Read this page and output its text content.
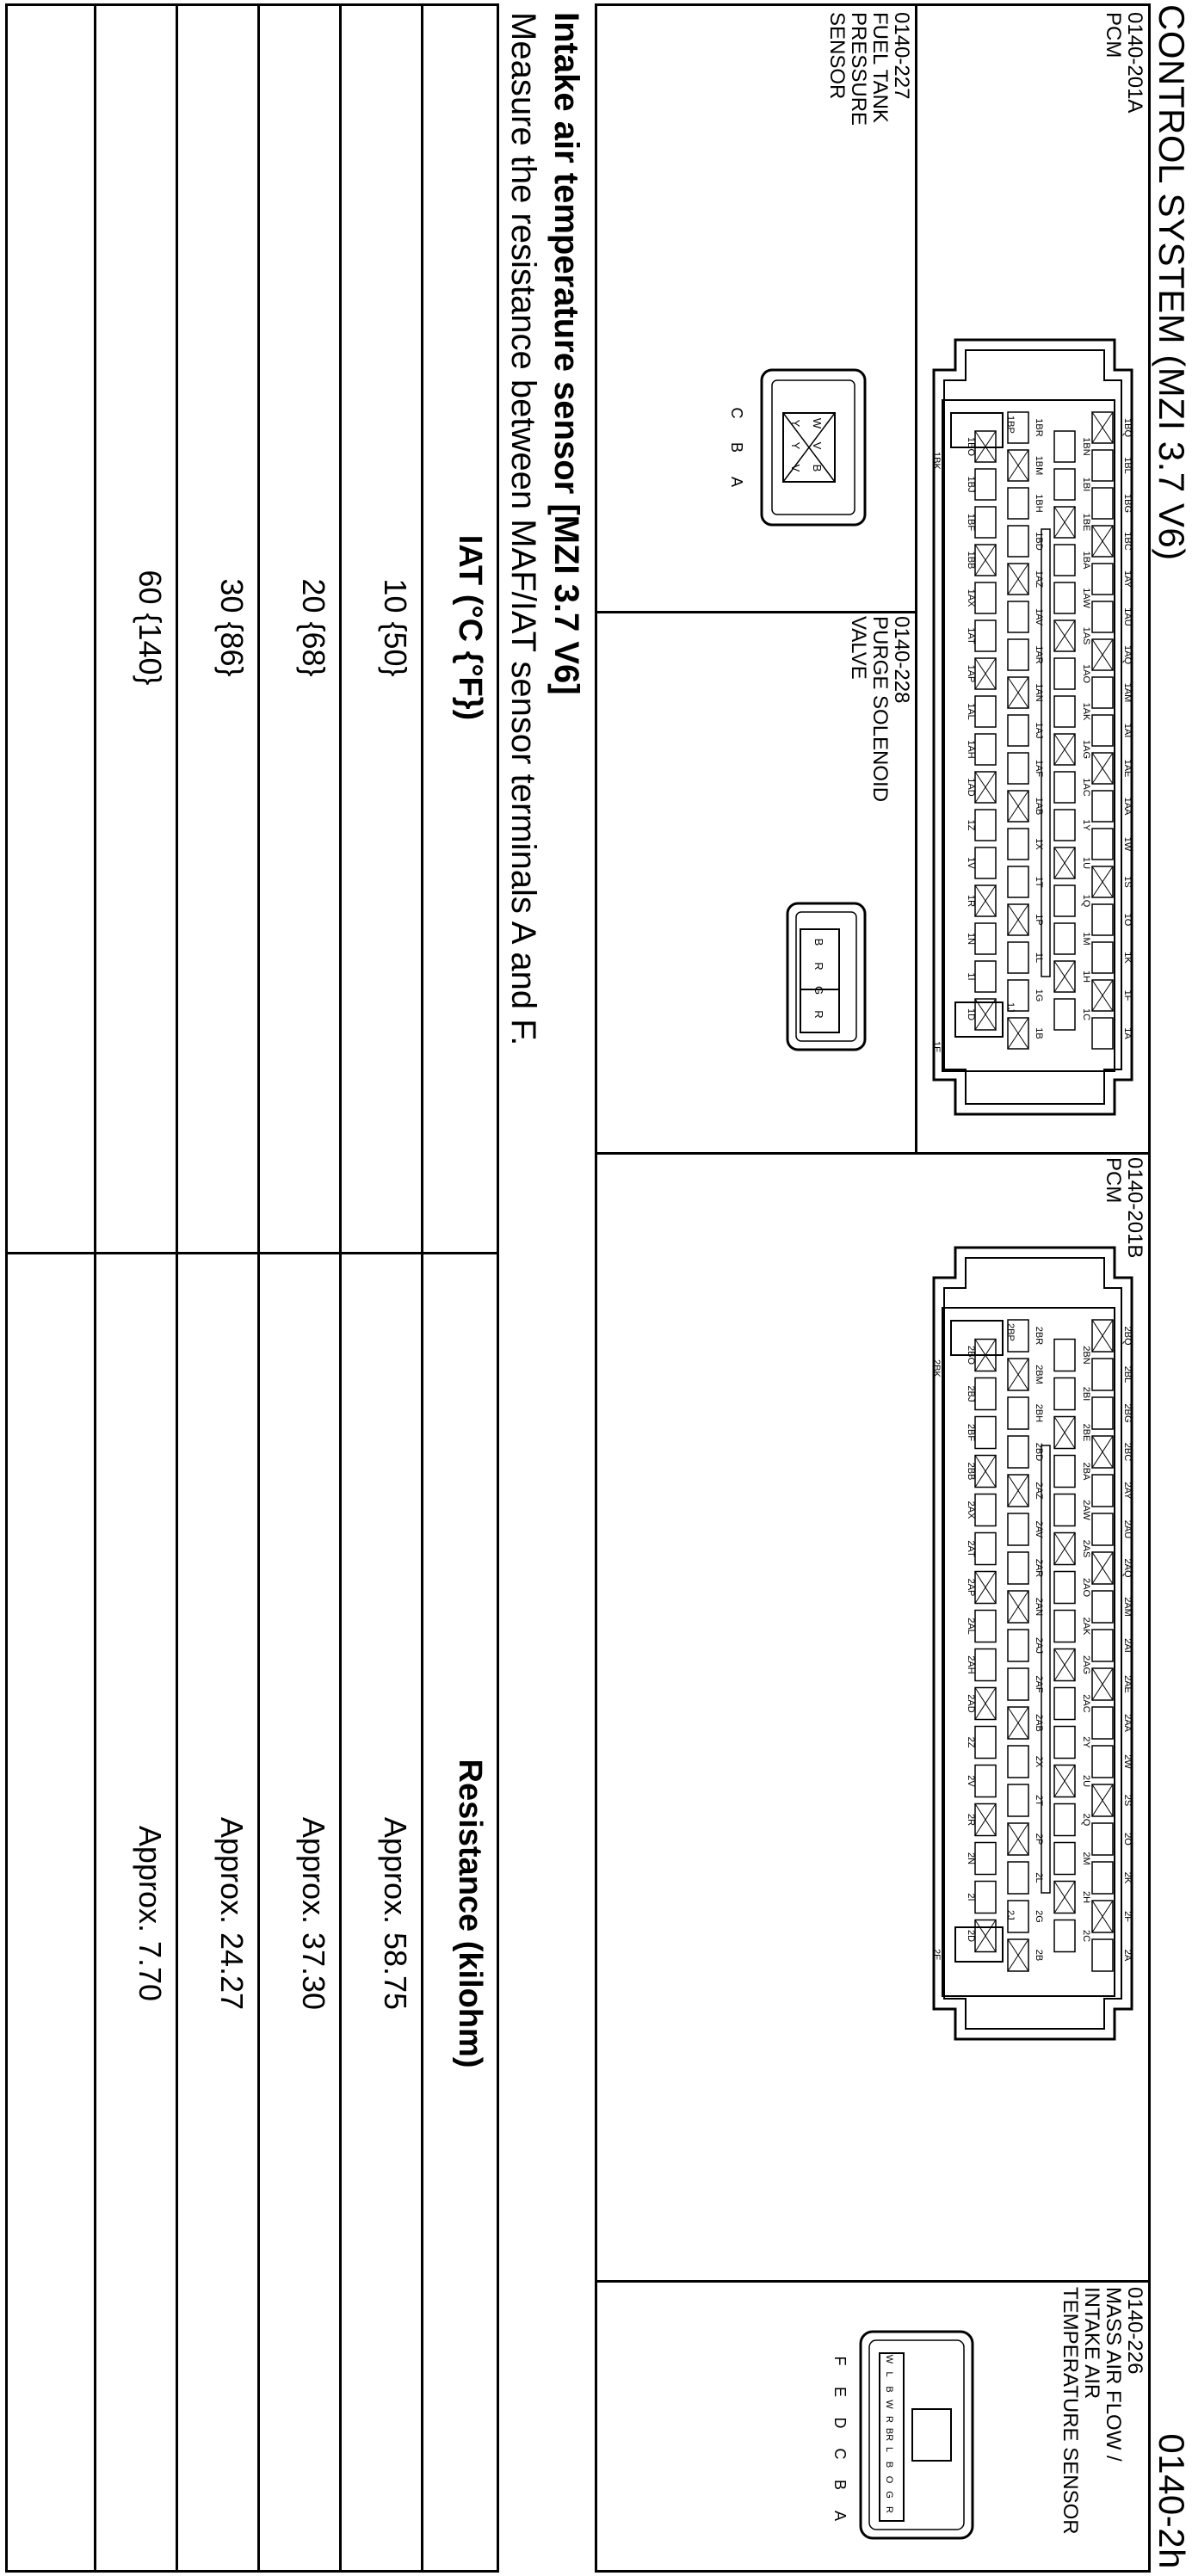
CONTROL SYSTEM (MZI 3.7 V6)
0140-2h
0140-201A
PCM
1BQ
1BL
1BG
1BC
1AY
1AU
1AQ
1AM
1AI
1AE
1AA
1W
1S
1O
1K
1F
1A
1BN
1BI
1BE
1BA
1AW
1AS
1AO
1AK
1AG
1AC
1Y
1U
1Q
1M
1H
1C
1BR
1BM
1BH
1BD
1AZ
1AV
1AR
1AN
1AJ
1AF
1AB
1X
1T
1P
1L
1G
1B
1BO
1BJ
1BF
1BB
1AX
1AT
1AP
1AL
1AH
1AD
1Z
1V
1R
1N
1I
1D
1BP
1BK
1J
1E
0140-201B
PCM
2BQ
2BL
2BG
2BC
2AY
2AU
2AQ
2AM
2AI
2AE
2AA
2W
2S
2O
2K
2F
2A
2BN
2BI
2BE
2BA
2AW
2AS
2AO
2AK
2AG
2AC
2Y
2U
2Q
2M
2H
2C
2BR
2BM
2BH
2BD
2AZ
2AV
2AR
2AN
2AJ
2AF
2AB
2X
2T
2P
2L
2G
2B
2BO
2BJ
2BF
2BB
2AX
2AT
2AP
2AL
2AH
2AD
2Z
2V
2R
2N
2I
2D
2BP
2BK
2J
2E
0140-226
MASS AIR FLOW /
INTAKE AIR
TEMPERATURE SENSOR
F
E
D
C
B
A
W
L
B
W
R
BR
L
B
O
G
R
0140-227
FUEL TANK
PRESSURE
SENSOR
C
B
A
W
V
B
Y
Y
V
0140-228
PURGE SOLENOID
VALVE
B
R
G
R
Intake air temperature sensor [MZI 3.7 V6]
Measure the resistance between MAF/IAT sensor terminals A and F.
IAT (°C {°F})
Resistance (kilohm)
10 {50}
Approx. 58.75
20 {68}
Approx. 37.30
30 {86}
Approx. 24.27
60 {140}
Approx. 7.70
